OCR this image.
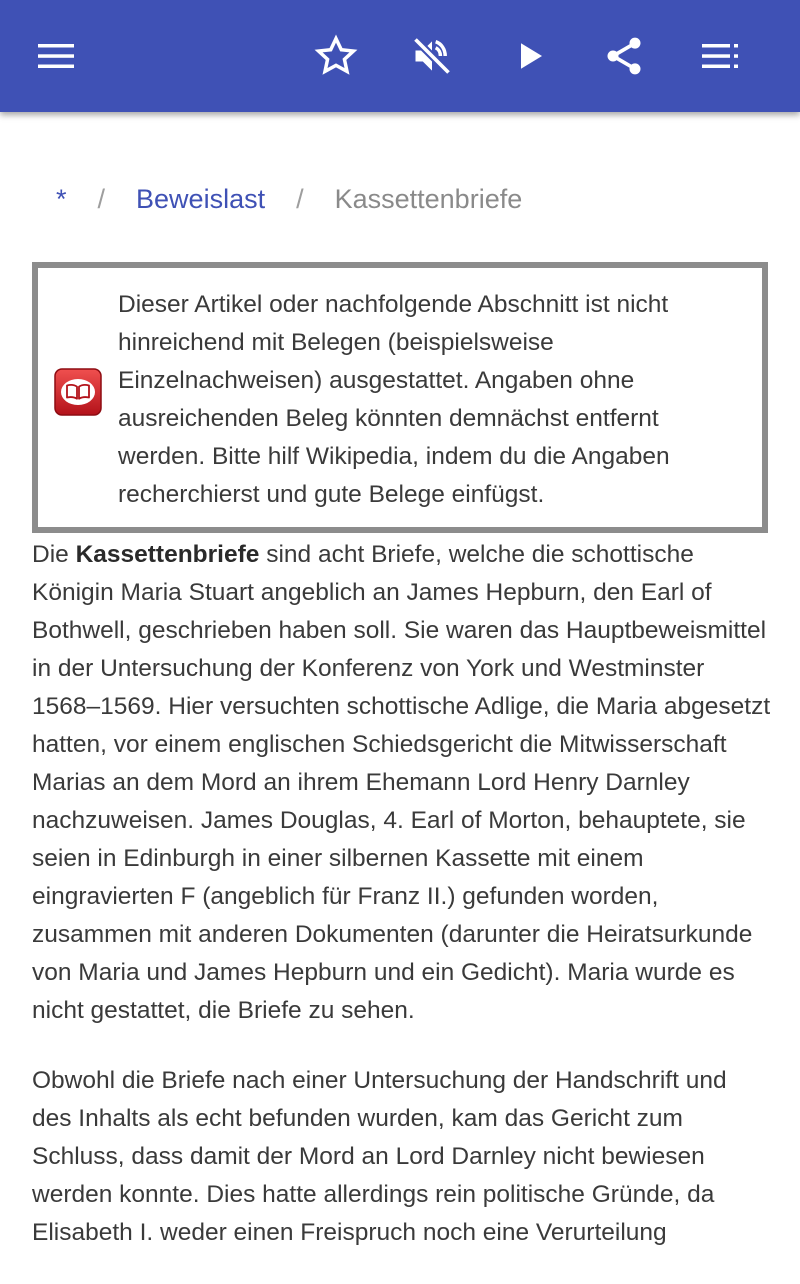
* / Beweislast / Kassettenbriefe
Dieser Artikel oder nachfolgende Abschnitt ist nicht hinreichend mit Belegen (beispielsweise Einzelnachweisen) ausgestattet. Angaben ohne ausreichenden Beleg könnten demnächst entfernt werden. Bitte hilf Wikipedia, indem du die Angaben recherchierst und gute Belege einfügst.

Die Kassettenbriefe sind acht Briefe, welche die schottische Königin Maria Stuart angeblich an James Hepburn, den Earl of Bothwell, geschrieben haben soll. Sie waren das Hauptbeweismittel in der Untersuchung der Konferenz von York und Westminster 1568–1569. Hier versuchten schottische Adlige, die Maria abgesetzt hatten, vor einem englischen Schiedsgericht die Mitwisserschaft Marias an dem Mord an ihrem Ehemann Lord Henry Darnley nachzuweisen. James Douglas, 4. Earl of Morton, behauptete, sie seien in Edinburgh in einer silbernen Kassette mit einem eingravierten F (angeblich für Franz II.) gefunden worden, zusammen mit anderen Dokumenten (darunter die Heiratsurkunde von Maria und James Hepburn und ein Gedicht). Maria wurde es nicht gestattet, die Briefe zu sehen.

Obwohl die Briefe nach einer Untersuchung der Handschrift und des Inhalts als echt befunden wurden, kam das Gericht zum Schluss, dass damit der Mord an Lord Darnley nicht bewiesen werden konnte. Dies hatte allerdings rein politische Gründe, da Elisabeth I. weder einen Freispruch noch eine Verurteilung
